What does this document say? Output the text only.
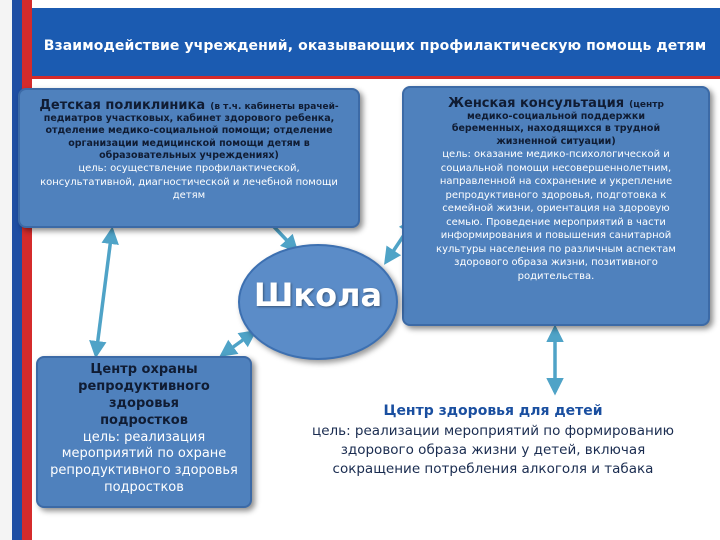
Взаимодействие учреждений, оказывающих профилактическую помощь детям
Детская поликлиника (в т.ч. кабинеты врачей-
педиатров участковых, кабинет здорового ребенка,
отделение медико-социальной помощи; отделение
организации медицинской помощи детям в
образовательных учреждениях)
цель: осуществление профилактической,
консультативной, диагностической и лечебной помощи
детям
Женская консультация (центр
медико-социальной поддержки
беременных, находящихся в трудной
жизненной ситуации)
цель: оказание медико-психологической и
социальной помощи несовершеннолетним,
направленной на сохранение и укрепление
репродуктивного здоровья, подготовка к
семейной жизни, ориентация на здоровую
семью. Проведение мероприятий в части
информирования и повышения санитарной
культуры населения по различным аспектам
здорового образа жизни, позитивного
родительства.
Школа
Центр охраны
репродуктивного здоровья
подростков
цель: реализация
мероприятий по охране
репродуктивного здоровья
подростков
Центр здоровья для детей
цель: реализации мероприятий по формированию
здорового образа жизни у детей, включая
сокращение потребления алкоголя и табака
